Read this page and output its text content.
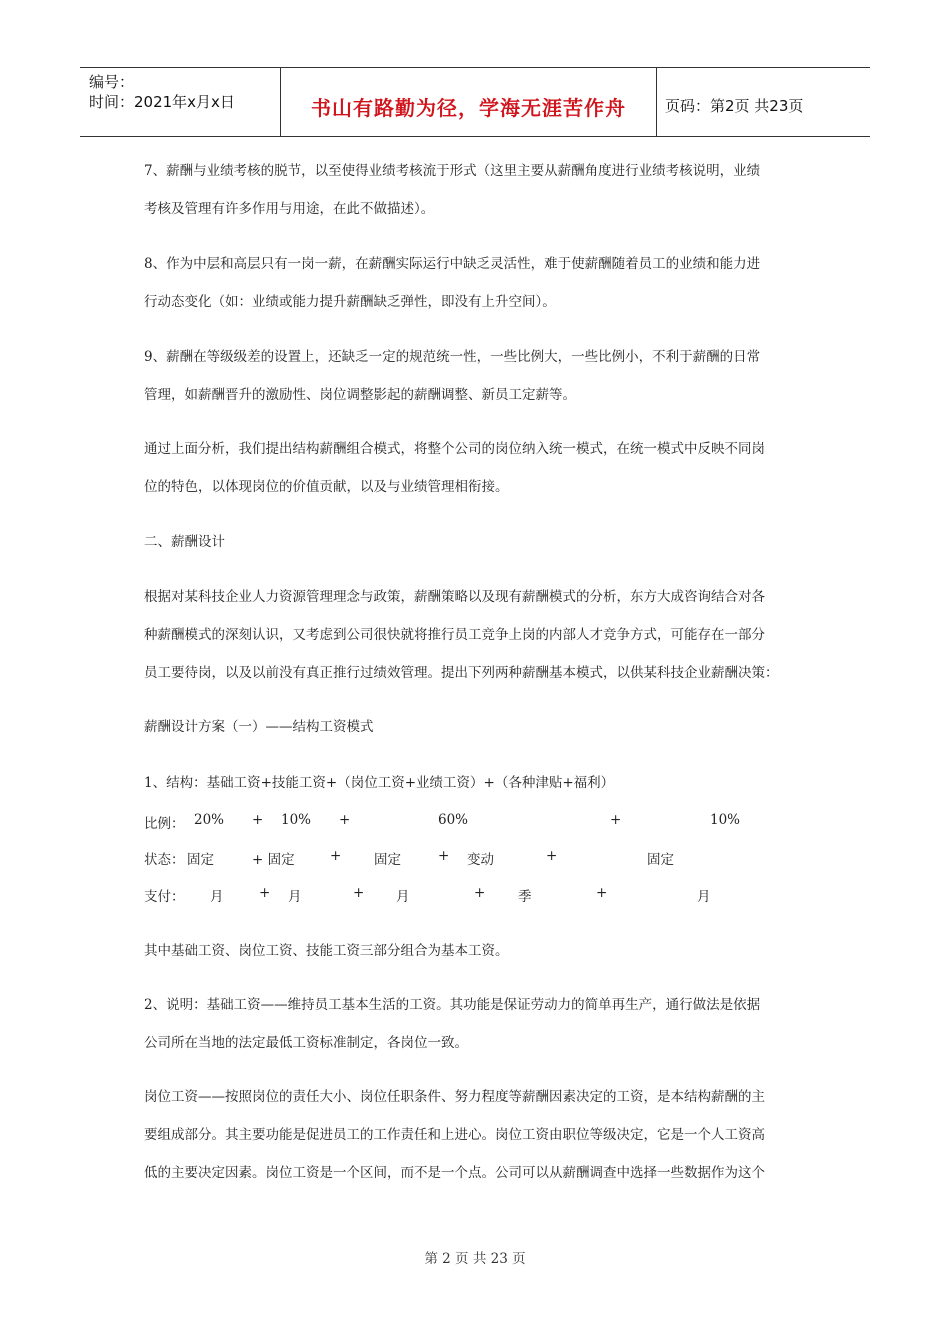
编号：
时间：2021年x月x日	书山有路勤为径，学海无涯苦作舟	页码：第2页 共23页

7、薪酬与业绩考核的脱节，以至使得业绩考核流于形式（这里主要从薪酬角度进行业绩考核说明，业绩
考核及管理有许多作用与用途，在此不做描述）。

8、作为中层和高层只有一岗一薪，在薪酬实际运行中缺乏灵活性，难于使薪酬随着员工的业绩和能力进
行动态变化（如：业绩或能力提升薪酬缺乏弹性，即没有上升空间）。

9、薪酬在等级级差的设置上，还缺乏一定的规范统一性，一些比例大，一些比例小，不利于薪酬的日常
管理，如薪酬晋升的激励性、岗位调整影起的薪酬调整、新员工定薪等。

通过上面分析，我们提出结构薪酬组合模式，将整个公司的岗位纳入统一模式，在统一模式中反映不同岗
位的特色，以体现岗位的价值贡献，以及与业绩管理相衔接。

二、薪酬设计

根据对某科技企业人力资源管理理念与政策，薪酬策略以及现有薪酬模式的分析，东方大成咨询结合对各
种薪酬模式的深刻认识，又考虑到公司很快就将推行员工竞争上岗的内部人才竞争方式，可能存在一部分
员工要待岗，以及以前没有真正推行过绩效管理。提出下列两种薪酬基本模式，以供某科技企业薪酬决策：

薪酬设计方案（一）——结构工资模式

1、结构：基础工资+技能工资+（岗位工资+业绩工资）+（各种津贴+福利）

比例： 20% + 10% +	60%	+	10%
状态： 固定	+ 固定	+ 固定	+ 变动	+	固定
支付： 月	+ 月	+ 月	+ 季	+	月

其中基础工资、岗位工资、技能工资三部分组合为基本工资。

2、说明：基础工资——维持员工基本生活的工资。其功能是保证劳动力的简单再生产，通行做法是依据
公司所在当地的法定最低工资标准制定，各岗位一致。

岗位工资——按照岗位的责任大小、岗位任职条件、努力程度等薪酬因素决定的工资，是本结构薪酬的主
要组成部分。其主要功能是促进员工的工作责任和上进心。岗位工资由职位等级决定，它是一个人工资高
低的主要决定因素。岗位工资是一个区间，而不是一个点。公司可以从薪酬调查中选择一些数据作为这个

第 2 页 共 23 页
